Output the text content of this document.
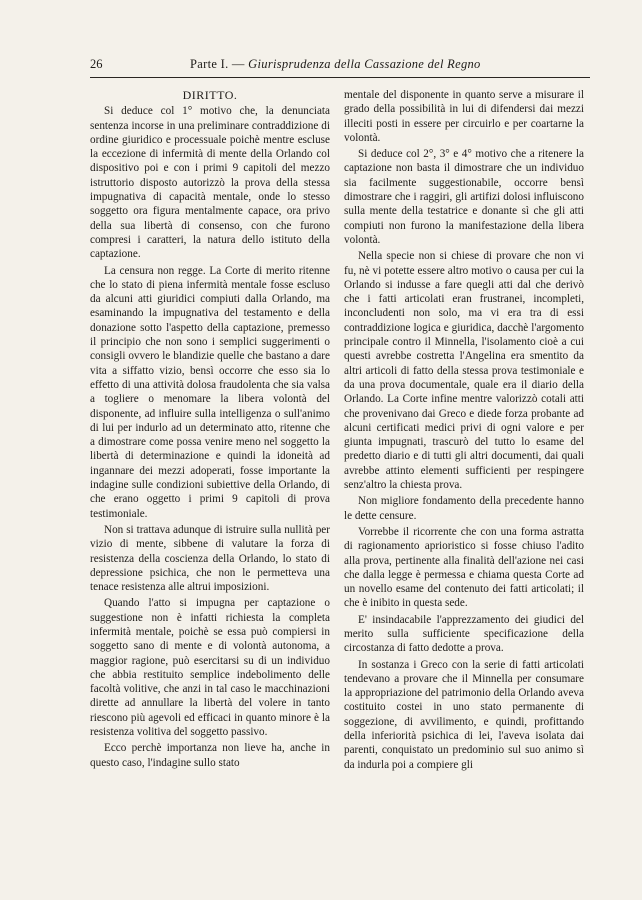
26	Parte I. — Giurisprudenza della Cassazione del Regno
DIRITTO.

Si deduce col 1° motivo che, la denunciata sentenza incorse in una preliminare contraddizione di ordine giuridico e processuale poichè mentre escluse la eccezione di infermità di mente della Orlando col dispositivo poi e con i primi 9 capitoli del mezzo istruttorio disposto autorizzò la prova della stessa impugnativa di capacità mentale, onde lo stesso soggetto ora figura mentalmente capace, ora privo della sua libertà di consenso, con che furono compresi i caratteri, la natura dello istituto della captazione.

La censura non regge. La Corte di merito ritenne che lo stato di piena infermità mentale fosse escluso da alcuni atti giuridici compiuti dalla Orlando, ma esaminando la impugnativa del testamento e della donazione sotto l'aspetto della captazione, premesso il principio che non sono i semplici suggerimenti o consigli ovvero le blandizie quelle che bastano a dare vita a siffatto vizio, bensì occorre che esso sia lo effetto di una attività dolosa fraudolenta che sia valsa a togliere o menomare la libera volontà del disponente, ad influire sulla intelligenza o sull'animo di lui per indurlo ad un determinato atto, ritenne che a dimostrare come possa venire meno nel soggetto la libertà di determinazione e quindi la idoneità ad ingannare dei mezzi adoperati, fosse importante la indagine sulle condizioni subiettive della Orlando, di che erano oggetto i primi 9 capitoli di prova testimoniale.

Non si trattava adunque di istruire sulla nullità per vizio di mente, sibbene di valutare la forza di resistenza della coscienza della Orlando, lo stato di depressione psichica, che non le permetteva una tenace resistenza alle altrui imposizioni.

Quando l'atto si impugna per captazione o suggestione non è infatti richiesta la completa infermità mentale, poichè se essa può compiersi in soggetto sano di mente e di volontà autonoma, a maggior ragione, può esercitarsi su di un individuo che abbia restituito semplice indebolimento delle facoltà volitive, che anzi in tal caso le macchinazioni dirette ad annullare la libertà del volere in tanto riescono più agevoli ed efficaci in quanto minore è la resistenza volitiva del soggetto passivo.

Ecco perchè importanza non lieve ha, anche in questo caso, l'indagine sullo stato

mentale del disponente in quanto serve a misurare il grado della possibilità in lui di difendersi dai mezzi illeciti posti in essere per circuirlo e per coartarne la volontà.

Si deduce col 2°, 3° e 4° motivo che a ritenere la captazione non basta il dimostrare che un individuo sia facilmente suggestionabile, occorre bensì dimostrare che i raggiri, gli artifizi dolosi influiscono sulla mente della testatrice e donante sì che gli atti compiuti non furono la manifestazione della libera volontà.

Nella specie non si chiese di provare che non vi fu, nè vi potette essere altro motivo o causa per cui la Orlando si indusse a fare quegli atti dal che derivò che i fatti articolati eran frustranei, incompleti, inconcludenti non solo, ma vi era tra di essi contraddizione logica e giuridica, dacchè l'argomento principale contro il Minnella, l'isolamento cioè a cui questi avrebbe costretta l'Angelina era smentito da altri articoli di fatto della stessa prova testimoniale e da una prova documentale, quale era il diario della Orlando. La Corte infine mentre valorizzò cotali atti che provenivano dai Greco e diede forza probante ad alcuni certificati medici privi di ogni valore e per giunta impugnati, trascurò del tutto lo esame del predetto diario e di tutti gli altri documenti, dai quali avrebbe attinto elementi sufficienti per respingere senz'altro la chiesta prova.

Non migliore fondamento della precedente hanno le dette censure.

Vorrebbe il ricorrente che con una forma astratta di ragionamento aprioristico si fosse chiuso l'adito alla prova, pertinente alla finalità dell'azione nei casi che dalla legge è permessa e chiama questa Corte ad un novello esame del contenuto dei fatti articolati; il che è inibito in questa sede.

E' insindacabile l'apprezzamento dei giudici del merito sulla sufficiente specificazione della circostanza di fatto dedotte a prova.

In sostanza i Greco con la serie di fatti articolati tendevano a provare che il Minnella per consumare la appropriazione del patrimonio della Orlando aveva costituito costei in uno stato permanente di soggezione, di avvilimento, e quindi, profittando della inferiorità psichica di lei, l'aveva isolata dai parenti, conquistato un predominio sul suo animo sì da indurla poi a compiere gli
